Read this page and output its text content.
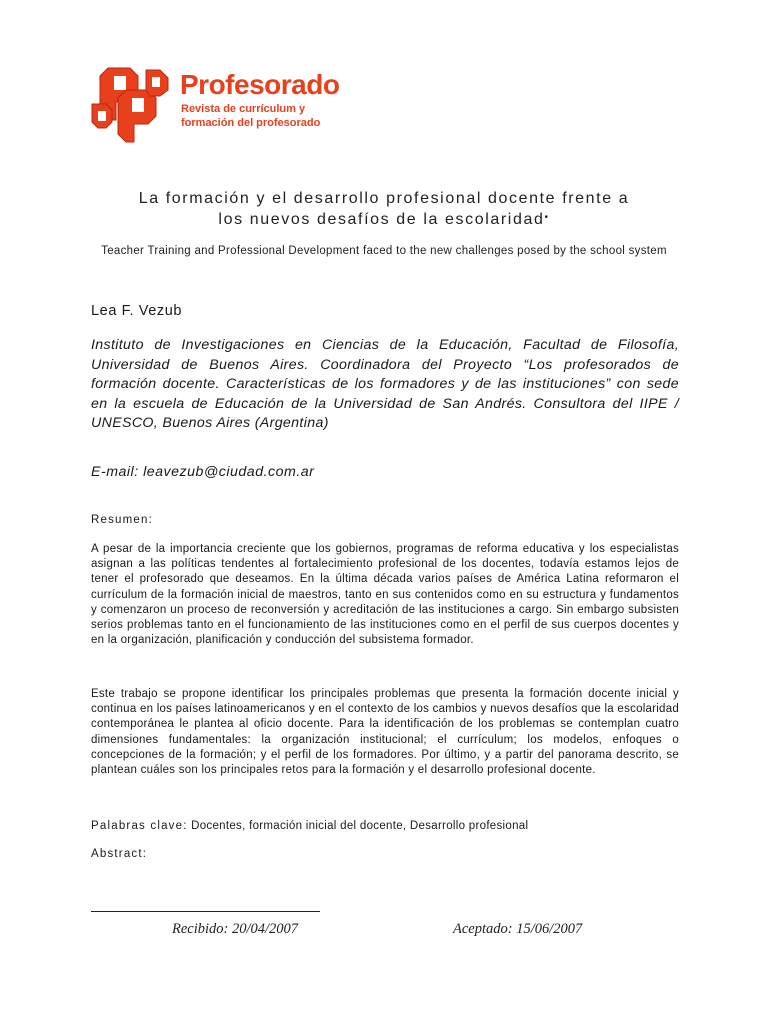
Profesorado
Revista de currículum y
formación del profesorado
La formación y el desarrollo profesional docente frente a
los nuevos desafíos de la escolaridad•
Teacher Training and Professional Development faced to the new challenges posed by the school system
Lea F. Vezub
Instituto de Investigaciones en Ciencias de la Educación, Facultad de Filosofía, Universidad de Buenos Aires. Coordinadora del Proyecto “Los profesorados de formación docente. Características de los formadores y de las instituciones” con sede en la escuela de Educación de la Universidad de San Andrés. Consultora del IIPE / UNESCO, Buenos Aires (Argentina)
E-mail: leavezub@ciudad.com.ar
Resumen:
A pesar de la importancia creciente que los gobiernos, programas de reforma educativa y los especialistas asignan a las políticas tendentes al fortalecimiento profesional de los docentes, todavía estamos lejos de tener el profesorado que deseamos. En la última década varios países de América Latina reformaron el currículum de la formación inicial de maestros, tanto en sus contenidos como en su estructura y fundamentos y comenzaron un proceso de reconversión y acreditación de las instituciones a cargo. Sin embargo subsisten serios problemas tanto en el funcionamiento de las instituciones como en el perfil de sus cuerpos docentes y en la organización, planificación y conducción del subsistema formador.
Este trabajo se propone identificar los principales problemas que presenta la formación docente inicial y continua en los países latinoamericanos y en el contexto de los cambios y nuevos desafíos que la escolaridad contemporánea le plantea al oficio docente. Para la identificación de los problemas se contemplan cuatro dimensiones fundamentales: la organización institucional; el currículum; los modelos, enfoques o concepciones de la formación; y el perfil de los formadores. Por último, y a partir del panorama descrito, se plantean cuáles son los principales retos para la formación y el desarrollo profesional docente.
Palabras clave: Docentes, formación inicial del docente, Desarrollo profesional
Abstract:
Recibido: 20/04/2007	Aceptado: 15/06/2007
